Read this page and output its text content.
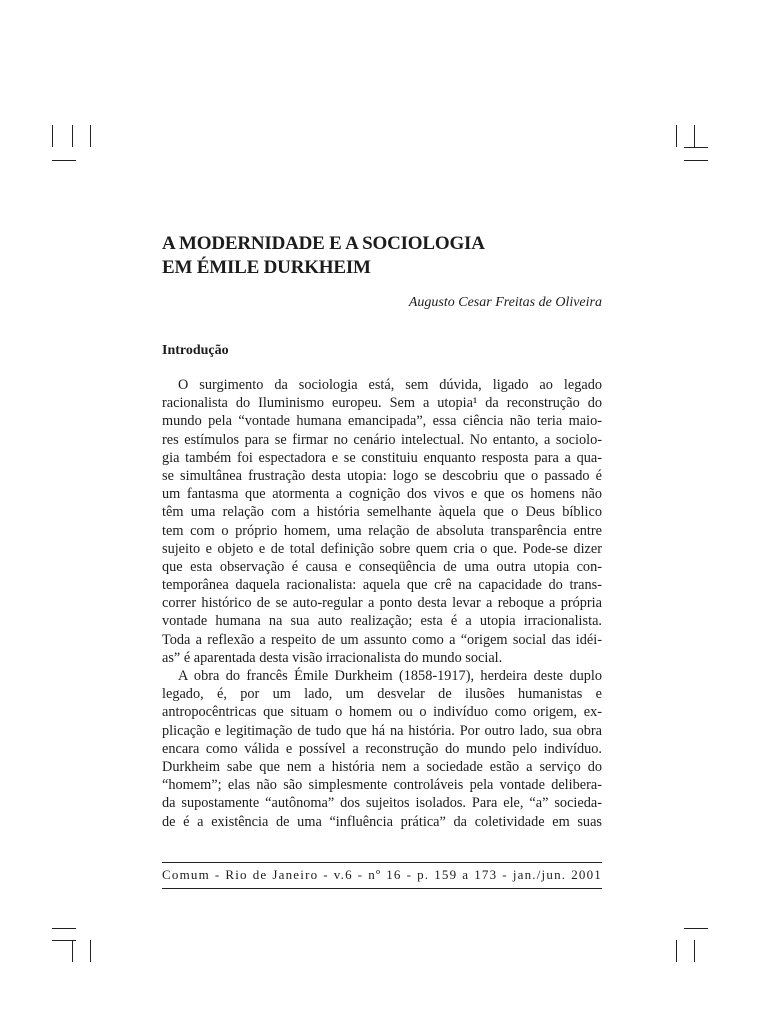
A MODERNIDADE E A SOCIOLOGIA
EM ÉMILE DURKHEIM
Augusto Cesar Freitas de Oliveira
Introdução
O surgimento da sociologia está, sem dúvida, ligado ao legado
racionalista do Iluminismo europeu. Sem a utopia¹ da reconstrução do
mundo pela “vontade humana emancipada”, essa ciência não teria maio-
res estímulos para se firmar no cenário intelectual. No entanto, a sociolo-
gia também foi espectadora e se constituiu enquanto resposta para a qua-
se simultânea frustração desta utopia: logo se descobriu que o passado é
um fantasma que atormenta a cognição dos vivos e que os homens não
têm uma relação com a história semelhante àquela que o Deus bíblico
tem com o próprio homem, uma relação de absoluta transparência entre
sujeito e objeto e de total definição sobre quem cria o que. Pode-se dizer
que esta observação é causa e conseqüência de uma outra utopia con-
temporânea daquela racionalista: aquela que crê na capacidade do trans-
correr histórico de se auto-regular a ponto desta levar a reboque a própria
vontade humana na sua auto realização; esta é a utopia irracionalista.
Toda a reflexão a respeito de um assunto como a “origem social das idéi-
as” é aparentada desta visão irracionalista do mundo social.
A obra do francês Émile Durkheim (1858-1917), herdeira deste duplo
legado, é, por um lado, um desvelar de ilusões humanistas e
antropocêntricas que situam o homem ou o indivíduo como origem, ex-
plicação e legitimação de tudo que há na história. Por outro lado, sua obra
encara como válida e possível a reconstrução do mundo pelo indivíduo.
Durkheim sabe que nem a história nem a sociedade estão a serviço do
“homem”; elas não são simplesmente controláveis pela vontade delibera-
da supostamente “autônoma” dos sujeitos isolados. Para ele, “a” socieda-
de é a existência de uma “influência prática” da coletividade em suas
Comum - Rio de Janeiro - v.6 - nº 16 - p. 159 a 173 - jan./jun. 2001
